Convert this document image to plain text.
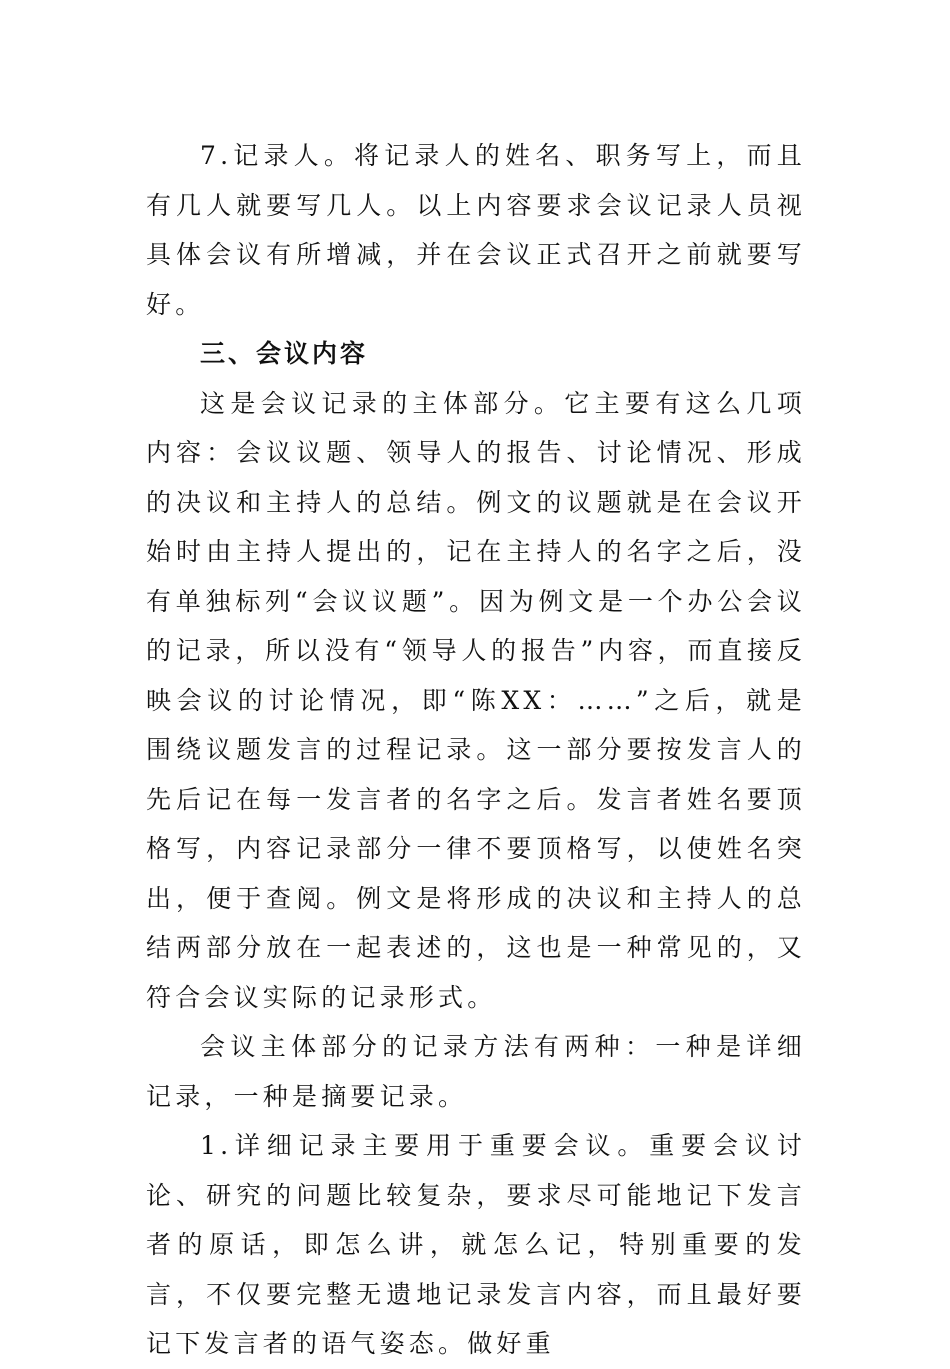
7.记录人。将记录人的姓名、职务写上，而且有几人就要写几人。以上内容要求会议记录人员视具体会议有所增减，并在会议正式召开之前就要写好。

三、会议内容

这是会议记录的主体部分。它主要有这么几项内容：会议议题、领导人的报告、讨论情况、形成的决议和主持人的总结。例文的议题就是在会议开始时由主持人提出的，记在主持人的名字之后，没有单独标列“会议议题”。因为例文是一个办公会议的记录，所以没有“领导人的报告”内容，而直接反映会议的讨论情况，即“陈XX：……”之后，就是围绕议题发言的过程记录。这一部分要按发言人的先后记在每一发言者的名字之后。发言者姓名要顶格写，内容记录部分一律不要顶格写，以使姓名突出，便于查阅。例文是将形成的决议和主持人的总结两部分放在一起表述的，这也是一种常见的，又符合会议实际的记录形式。

会议主体部分的记录方法有两种：一种是详细记录，一种是摘要记录。

1.详细记录主要用于重要会议。重要会议讨论、研究的问题比较复杂，要求尽可能地记下发言者的原话，即怎么讲，就怎么记，特别重要的发言，不仅要完整无遗地记录发言内容，而且最好要记下发言者的语气姿态。做好重
